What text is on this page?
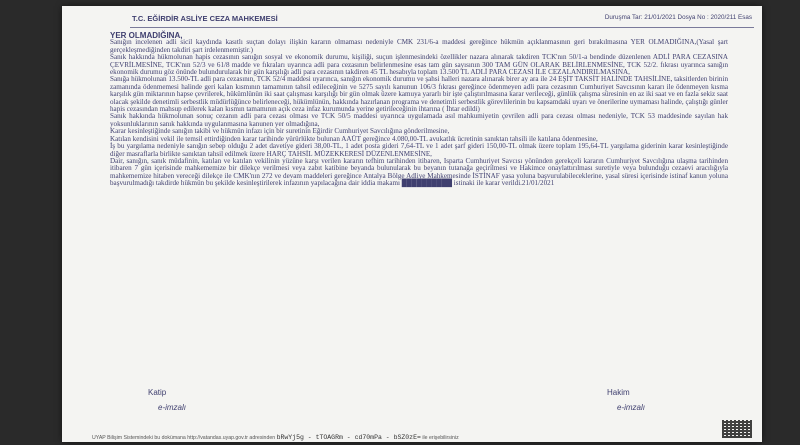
T.C. EĞİRDİR ASLİYE CEZA MAHKEMESİ	Duruşma Tar: 21/01/2021 Dosya No : 2020/211 Esas

YER OLMADIĞINA,

Sanığın incelenen adli sicil kaydında kasıtlı suçtan dolayı ilişkin kararın olmaması nedeniyle CMK 231/6-a maddesi gereğince hükmün açıklanmasının geri bırakılmasına YER OLMADIĞINA,(Yasal şart gerçekleşmediğinden takdiri şart irdelenmemiştir.)

Sanık hakkında hükmolunan hapis cezasının sanığın sosyal ve ekonomik durumu, kişiliği, suçun işlenmesindeki özellikler nazara alınarak takdiren TCK'nın 50/1-a bendinde düzenlenen ADLİ PARA CEZASINA ÇEVRİLMESİNE, TCK'nın 52/3 ve 61/8 madde ve fıkraları uyarınca adli para cezasının belirlenmesine esas tam gün sayısının 300 TAM GÜN OLARAK BELİRLENMESİNE, TCK 52/2. fıkrası uyarınca sanığın ekonomik durumu göz önünde bulundurularak bir gün karşılığı adli para cezasının takdiren 45 TL hesabıyla toplam 13.500 TL ADLİ PARA CEZASI İLE CEZALANDIRILMASINA,

Sanığa hükmolunan 13.500-TL adli para cezasının, TCK 52/4 maddesi uyarınca, sanığın ekonomik durumu ve şahsi halleri nazara alınarak birer ay ara ile 24 EŞİT TAKSİT HALİNDE TAHSİLİNE, taksitlerden birinin zamanında ödenmemesi halinde geri kalan kısmının tamamının tahsil edileceğinin ve 5275 sayılı kanunun 106/3 fıkrası gereğince ödenmeyen adli para cezasının Cumhuriyet Savcısının kararı ile ödenmeyen kısma karşılık gün miktarının hapse çevrilerek, hükümlünün iki saat çalışması karşılığı bir gün olmak üzere kamuya yararlı bir işte çalıştırılmasına karar verileceği, günlük çalışma süresinin en az iki saat ve en fazla sekiz saat olacak şekilde denetimli serbestlik müdürlüğünce belirleneceği, hükümlünün, hakkında hazırlanan programa ve denetimli serbestlik görevlilerinin bu kapsamdaki uyarı ve önerilerine uymaması halinde, çalıştığı günler hapis cezasından mahsup edilerek kalan kısmın tamamının açık ceza infaz kurumunda yerine getirileceğinin ihtarına ( İhtar edildi)

Sanık hakkında hükmolunan sonuç cezanın adli para cezası olması ve TCK 50/5 maddesi uyarınca uygulamada asıl mahkumiyetin çevrilen adli para cezası olması nedeniyle, TCK 53 maddesinde sayılan hak yoksunluklarının sanık hakkında uygulanmasına kanunen yer olmadığına,

Karar kesinleştiğinde sanığın takibi ve hükmün infazı için bir suretinin Eğirdir Cumhuriyet Savcılığına gönderilmesine,

Katılan kendisini vekil ile temsil ettirdiğinden karar tarihinde yürürlükte bulunan AAÜT gereğince 4.080,00-TL avukatlık ücretinin sanıktan tahsili ile katılana ödenmesine,

İş bu yargılama nedeniyle sanığın sebep olduğu 2 adet davetiye gideri 38,00-TL, 1 adet posta gideri 7,64-TL ve 1 adet şarf gideri 150,00-TL olmak üzere toplam 195,64-TL yargılama giderinin karar kesinleştiğinde diğer masraflarla birlikte sanıktan tahsil edilmek üzere HARÇ TAHSİL MÜZEKKERESİ DÜZENLENMESİNE,

Dair, sanığın, sanık müdafinin, katılan ve katılan vekilinin yüzüne karşı verilen kararın tefhim tarihinden itibaren, Isparta Cumhuriyet Savcısı yönünden gerekçeli kararın Cumhuriyet Savcılığına ulaşma tarihinden itibaren 7 gün içerisinde mahkememize bir dilekçe verilmesi veya zabıt katibine beyanda bulunularak bu beyanın tutanağa geçirilmesi ve Hakimce onaylattırılması suretiyle veya bulunduğu cezaevi aracılığıyla mahkememize hitaben vereceği dilekçe ile CMK'nın 272 ve devam maddeleri gereğince Antalya Bölge Adliye Mahkemesinde İSTİNAF yasa yoluna başvurulabileceklerine, yasal süresi içerisinde istinaf kanun yoluna başvurulmadığı takdirde hükmün bu şekilde kesinleştirilerek infazının yapılacağına dair iddia makamı ██████████ istinaki ile karar verildi.21/01/2021

Katip
e-imzalı
Hakim
e-imzalı
UYAP Bilişim Sistemindeki bu dokümana http://vatandas.uyap.gov.tr adresinden bRwYj5g - tTOAGRm - cd70mPa - bSZ0zE= ile erişebilirsiniz
